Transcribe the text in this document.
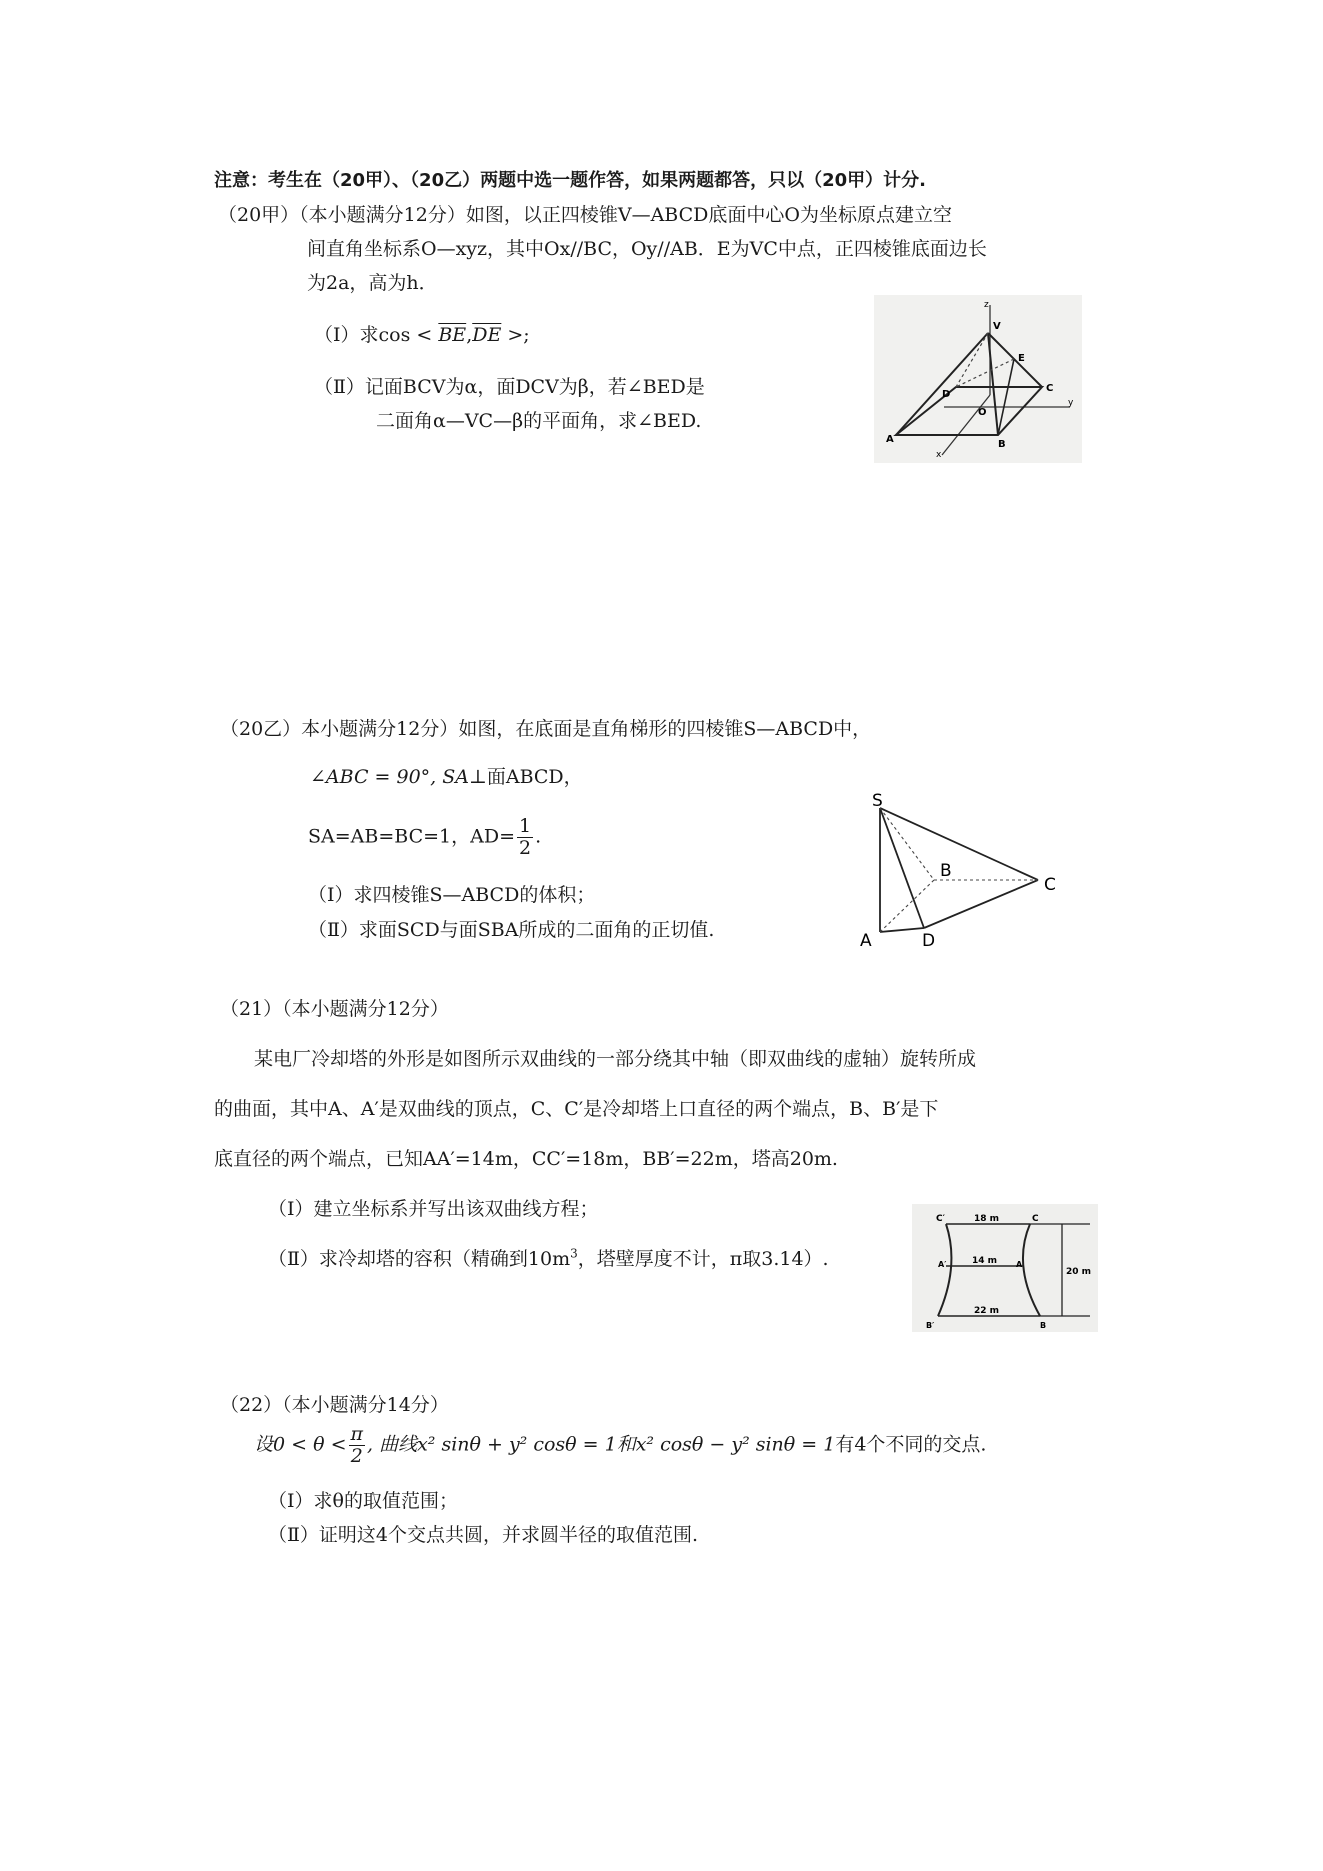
注意：考生在（20甲）、（20乙）两题中选一题作答，如果两题都答，只以（20甲）计分.
（20甲）（本小题满分12分）如图，以正四棱锥V—ABCD底面中心O为坐标原点建立空
间直角坐标系O—xyz，其中Ox//BC，Oy//AB．E为VC中点，正四棱锥底面边长
为2a，高为h．
（Ⅰ）求$\cos < \overline{BE},\overline{DE}$ >;
（Ⅱ）记面BCV为α，面DCV为β，若∠BED是
二面角α—VC—β的平面角，求∠BED.
z
V
E
C
D
O
y
A	B
x
（20乙）本小题满分12分）如图，在底面是直角梯形的四棱锥S—ABCD中，
∠ABC = 90°, SA⊥面ABCD，
SA=AB=BC=1，$AD= \frac{1}{2}$ .
（Ⅰ）求四棱锥S—ABCD的体积；
（Ⅱ）求面SCD与面SBA所成的二面角的正切值.
S
B
C
A	D
（21）（本小题满分12分）
某电厂冷却塔的外形是如图所示双曲线的一部分绕其中轴（即双曲线的虚轴）旋转所成
的曲面，其中A、A′是双曲线的顶点，C、C′是冷却塔上口直径的两个端点，B、B′是下
底直径的两个端点，已知AA′=14m，CC′=18m，BB′=22m，塔高20m.
（Ⅰ）建立坐标系并写出该双曲线方程；
（Ⅱ）求冷却塔的容积（精确到$10m^3$，塔壁厚度不计，π取3.14）.
C′	18 m	C
A′	14 m A
20 m
B′
22 m
B
（22）（本小题满分14分）
设$0 < \theta < \frac{\pi}{2}$ , 曲线x² sinθ + y² cosθ = 1和x² cosθ − y² sinθ = 1有4个不同的交点.
（Ⅰ）求θ的取值范围；
（Ⅱ）证明这4个交点共圆，并求圆半径的取值范围.
